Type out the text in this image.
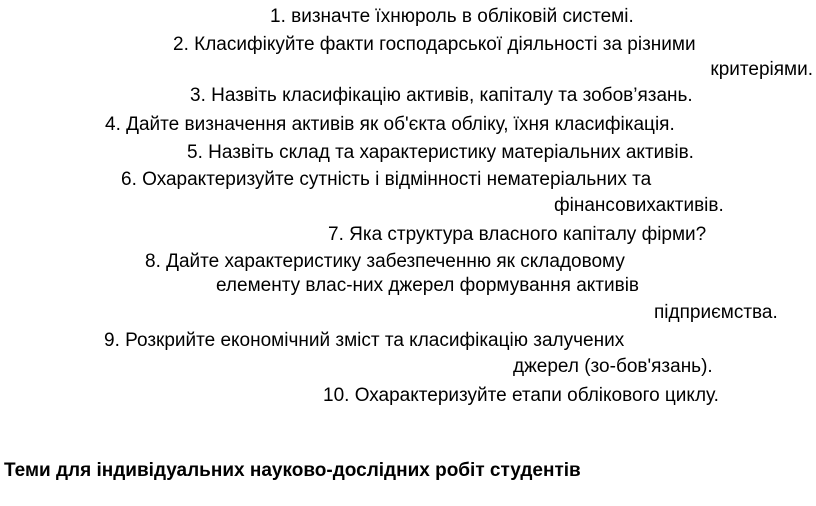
1. визначте їхнюроль в обліковій системі.
2. Класифікуйте факти господарської діяльності за різними
критеріями.
3. Назвіть класифікацію активів, капіталу та зобов’язань.
4. Дайте визначення активів як об'єкта обліку, їхня класифікація.
5. Назвіть склад та характеристику матеріальних активів.
6. Охарактеризуйте сутність і відмінності нематеріальних та
фінансовихактивів.
7. Яка структура власного капіталу фірми?
8. Дайте характеристику забезпеченню як складовому
елементу влас-них джерел формування активів
підприємства.
9. Розкрийте економічний зміст та класифікацію залучених
джерел (зо-бов'язань).
10. Охарактеризуйте етапи облікового циклу.
Теми для індивідуальних науково-дослідних робіт студентів
